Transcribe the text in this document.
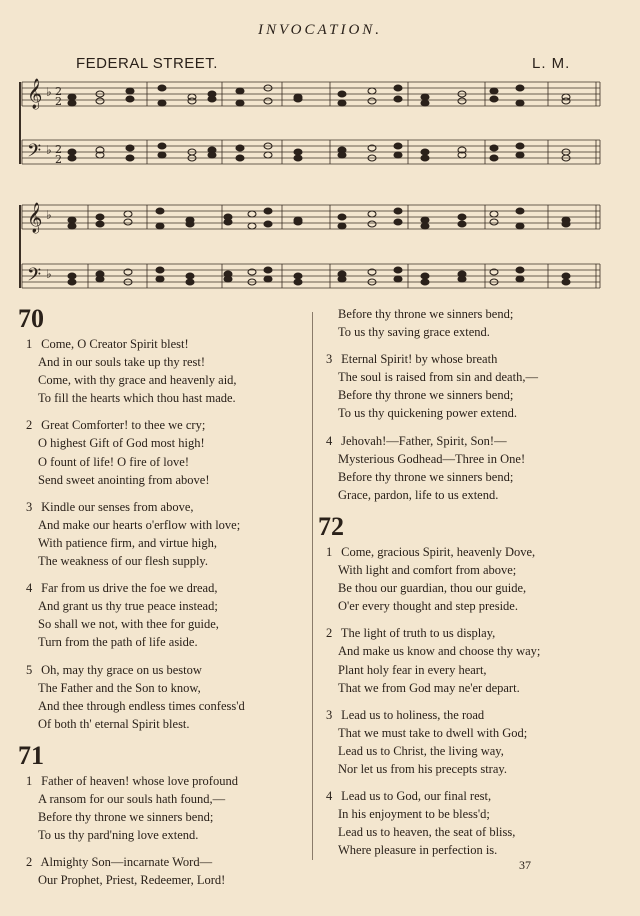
INVOCATION.
FEDERAL STREET.	L. M.
𝄞
𝄢
𝄞
𝄢
♭
♭
♭
♭
2
2
2
2
70
1 Come, O Creator Spirit blest!
And in our souls take up thy rest!
Come, with thy grace and heavenly aid,
To fill the hearts which thou hast made.
2 Great Comforter! to thee we cry;
O highest Gift of God most high!
O fount of life! O fire of love!
Send sweet anointing from above!
3 Kindle our senses from above,
And make our hearts o'erflow with love;
With patience firm, and virtue high,
The weakness of our flesh supply.
4 Far from us drive the foe we dread,
And grant us thy true peace instead;
So shall we not, with thee for guide,
Turn from the path of life aside.
5 Oh, may thy grace on us bestow
The Father and the Son to know,
And thee through endless times confess'd
Of both th' eternal Spirit blest.
71
1 Father of heaven! whose love profound
A ransom for our souls hath found,—
Before thy throne we sinners bend;
To us thy pard'ning love extend.
2 Almighty Son—incarnate Word—
Our Prophet, Priest, Redeemer, Lord!
Before thy throne we sinners bend;
To us thy saving grace extend.
3 Eternal Spirit! by whose breath
The soul is raised from sin and death,—
Before thy throne we sinners bend;
To us thy quickening power extend.
4 Jehovah!—Father, Spirit, Son!—
Mysterious Godhead—Three in One!
Before thy throne we sinners bend;
Grace, pardon, life to us extend.
72
1 Come, gracious Spirit, heavenly Dove,
With light and comfort from above;
Be thou our guardian, thou our guide,
O'er every thought and step preside.
2 The light of truth to us display,
And make us know and choose thy way;
Plant holy fear in every heart,
That we from God may ne'er depart.
3 Lead us to holiness, the road
That we must take to dwell with God;
Lead us to Christ, the living way,
Nor let us from his precepts stray.
4 Lead us to God, our final rest,
In his enjoyment to be bless'd;
Lead us to heaven, the seat of bliss,
Where pleasure in perfection is.
37
